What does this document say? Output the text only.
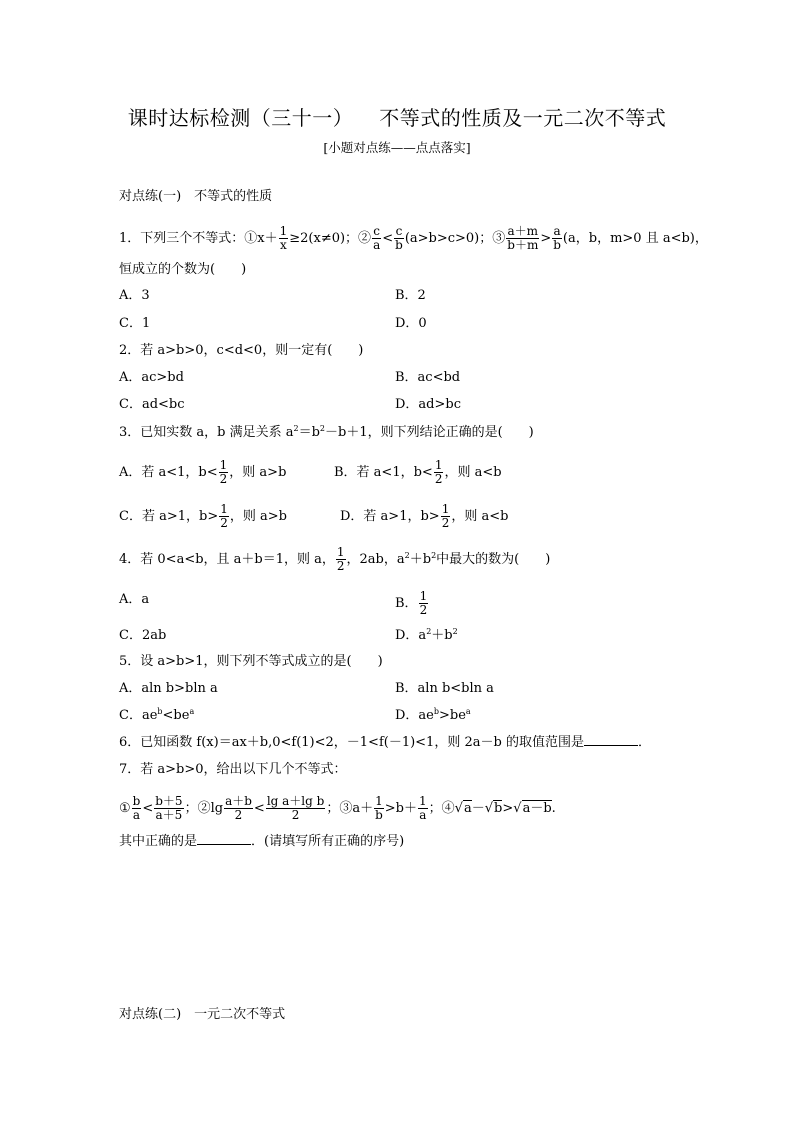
课时达标检测（三十一） 不等式的性质及一元二次不等式
[小题对点练——点点落实]
对点练(一)　不等式的性质
1．下列三个不等式：①x＋ $\frac{1}{x} \ge 2(x\ne 0)$；② $\frac{c}{a} < \frac{c}{b} (a>b>c>0)$；③ $\frac{a+m}{b+m} > \frac{a}{b} (a$，b，m>0 且 a<b)，
恒成立的个数为(　　)
A．3	B．2
C．1	D．0
2．若 a>b>0，c<d<0，则一定有(　　)
A．ac>bd	B．ac<bd
C．ad<bc	D．ad>bc
3．已知实数 a，b 满足关系 $a^2=b^2-b+1$，则下列结论正确的是(　　)
A．若 a<1，$b< \frac{1}{2}$ ，则 a>b	B．若 a<1，$b< \frac{1}{2}$ ，则 a<b
C．若 a>1，$b> \frac{1}{2}$ ，则 a>b	D．若 a>1，$b> \frac{1}{2}$ ，则 a<b
4．若 0<a<b，且 a＋b＝1，则 a， $\frac{1}{2}$ ，2ab，$a^2+b^2$中最大的数为(　　)
A．a	B． $\frac{1}{2}$
C．2ab	D．$a^2+b^2$
5．设 a>b>1，则下列不等式成立的是(　　)
A．aln b>bln a	B．aln b<bln a
C．$ae^b<be^a$	D．$ae^b>be^a$
6．已知函数 f(x)＝ax＋b,0<f(1)<2，－1<f(－1)<1，则 2a－b 的取值范围是	．
7．若 a>b>0，给出以下几个不等式：
① $\frac{b}{a} < \frac{b+5}{a+5}$ ；②lg $\frac{a+b}{2} < \frac{\text{lg a＋lg b}}{2}$ ；③a＋ $\frac{1}{b} >b+ \frac{1}{a}$ ；④√a－√b>√a－b.
其中正确的是	．(请填写所有正确的序号)
对点练(二)　一元二次不等式
